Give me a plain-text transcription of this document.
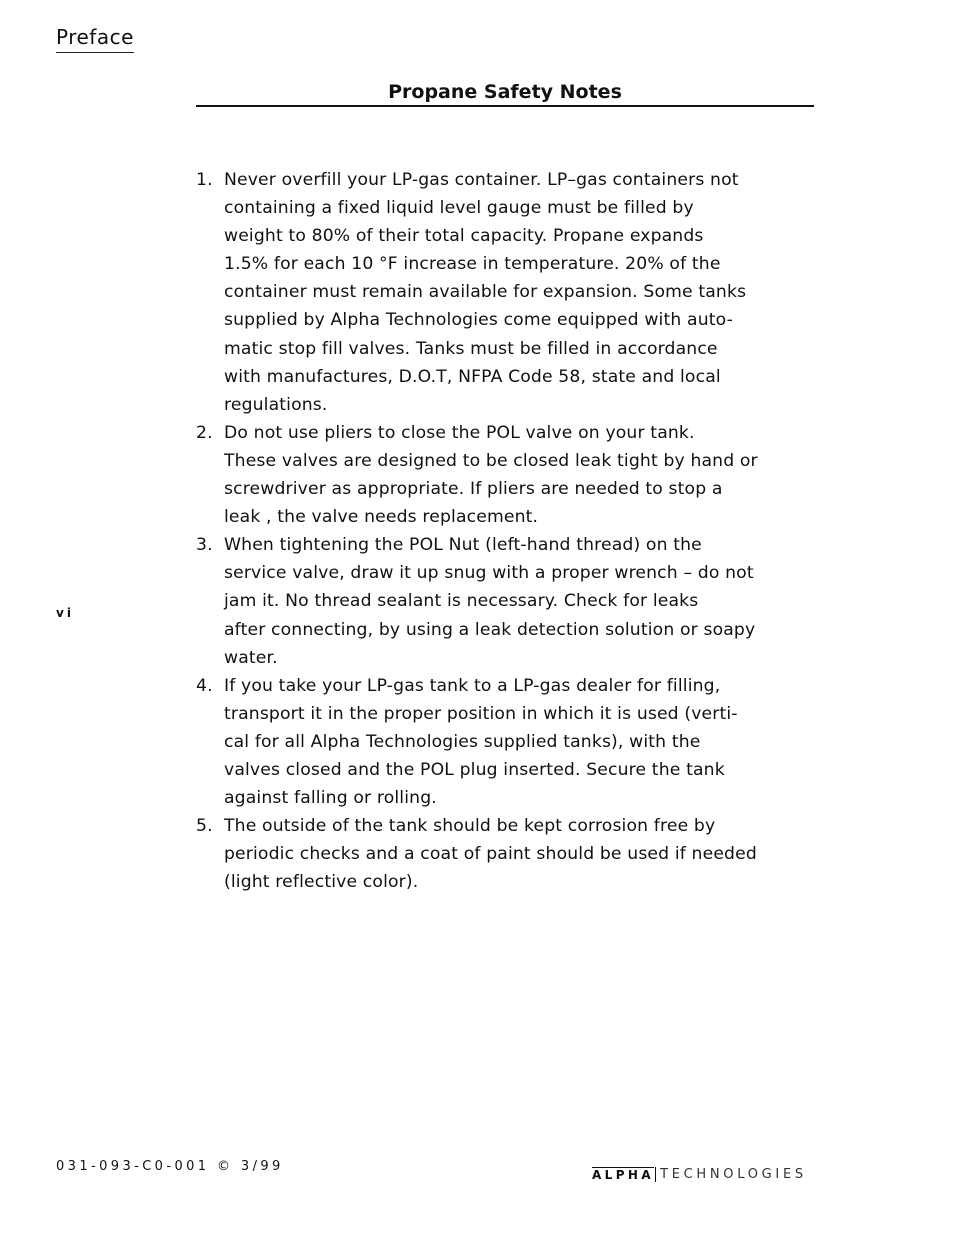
Preface
Propane Safety Notes
1. Never overfill your LP-gas container. LP–gas containers not
containing a fixed liquid level gauge must be filled by
weight to 80% of their total capacity. Propane expands
1.5% for each 10 °F increase in temperature. 20% of the
container must remain available for expansion. Some tanks
supplied by Alpha Technologies come equipped with auto-
matic stop fill valves. Tanks must be filled in accordance
with manufactures, D.O.T, NFPA Code 58, state and local
regulations.
2. Do not use pliers to close the POL valve on your tank.
These valves are designed to be closed leak tight by hand or
screwdriver as appropriate. If pliers are needed to stop a
leak , the valve needs replacement.
3. When tightening the POL Nut (left-hand thread) on the
service valve, draw it up snug with a proper wrench – do not
jam it. No thread sealant is necessary. Check for leaks
after connecting, by using a leak detection solution or soapy
water.
4. If you take your LP-gas tank to a LP-gas dealer for filling,
transport it in the proper position in which it is used (verti-
cal for all Alpha Technologies supplied tanks), with the
valves closed and the POL plug inserted. Secure the tank
against falling or rolling.
5. The outside of the tank should be kept corrosion free by
periodic checks and a coat of paint should be used if needed
(light reflective color).
vi
031-093-C0-001 © 3/99
ALPHA TECHNOLOGIES
